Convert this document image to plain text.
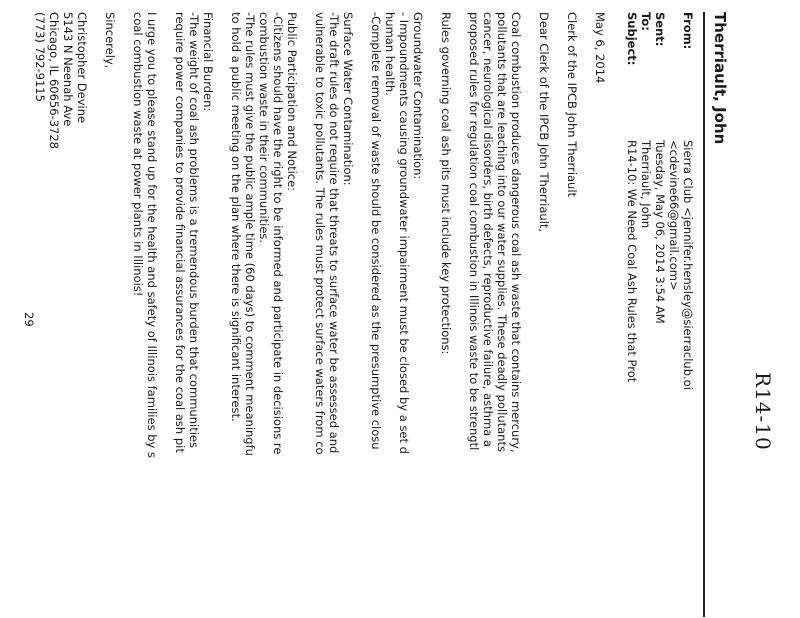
R14-10
Therriault, John
From:
Sierra Club <jennifer.hensley@sierraclub.oi
<cdevine66@gmail.com>
Sent:
Tuesday, May 06, 2014 3:54 AM
To:
Therriault, John
Subject:
R14-10: We Need Coal Ash Rules that Prot
May 6, 2014
Clerk of the IPCB John Therriault
Dear Clerk of the IPCB John Therriault,
Coal combustion produces dangerous coal ash waste that contains mercury,
pollutants that are leaching into our water supplies. These deadly pollutants
cancer, neurological disorders, birth defects, reproductive failure, asthma a
proposed rules for regulation coal combustion in Illinois waste to be strengtl
Rules governing coal ash pits must include key protections:
Groundwater Contamination:
- Impoundments causing groundwater impairment must be closed by a set d
human health.
-Complete removal of waste should be considered as the presumptive closu
Surface Water Contamination:
-The draft rules do not require that threats to surface water be assessed and
vulnerable to toxic pollutants. The rules must protect surface waters from co
Public Participation and Notice:
-Citizens should have the right to be informed and participate in decisions re
combustion waste in their communities.
-The rules must give the public ample time (60 days) to comment meaningfu
to hold a public meeting on the plan where there is significant interest.
Financial Burden:
-The weight of coal ash problems is a tremendous burden that communities
require power companies to provide financial assurances for the coal ash pit
I urge you to please stand up for the health and safety of Illinois families by s
coal combustion waste at power plants in Illinois!
Sincerely,
Christopher Devine
5143 N Neenah Ave
Chicago, IL 60656-3728
(773) 792-9115
29
